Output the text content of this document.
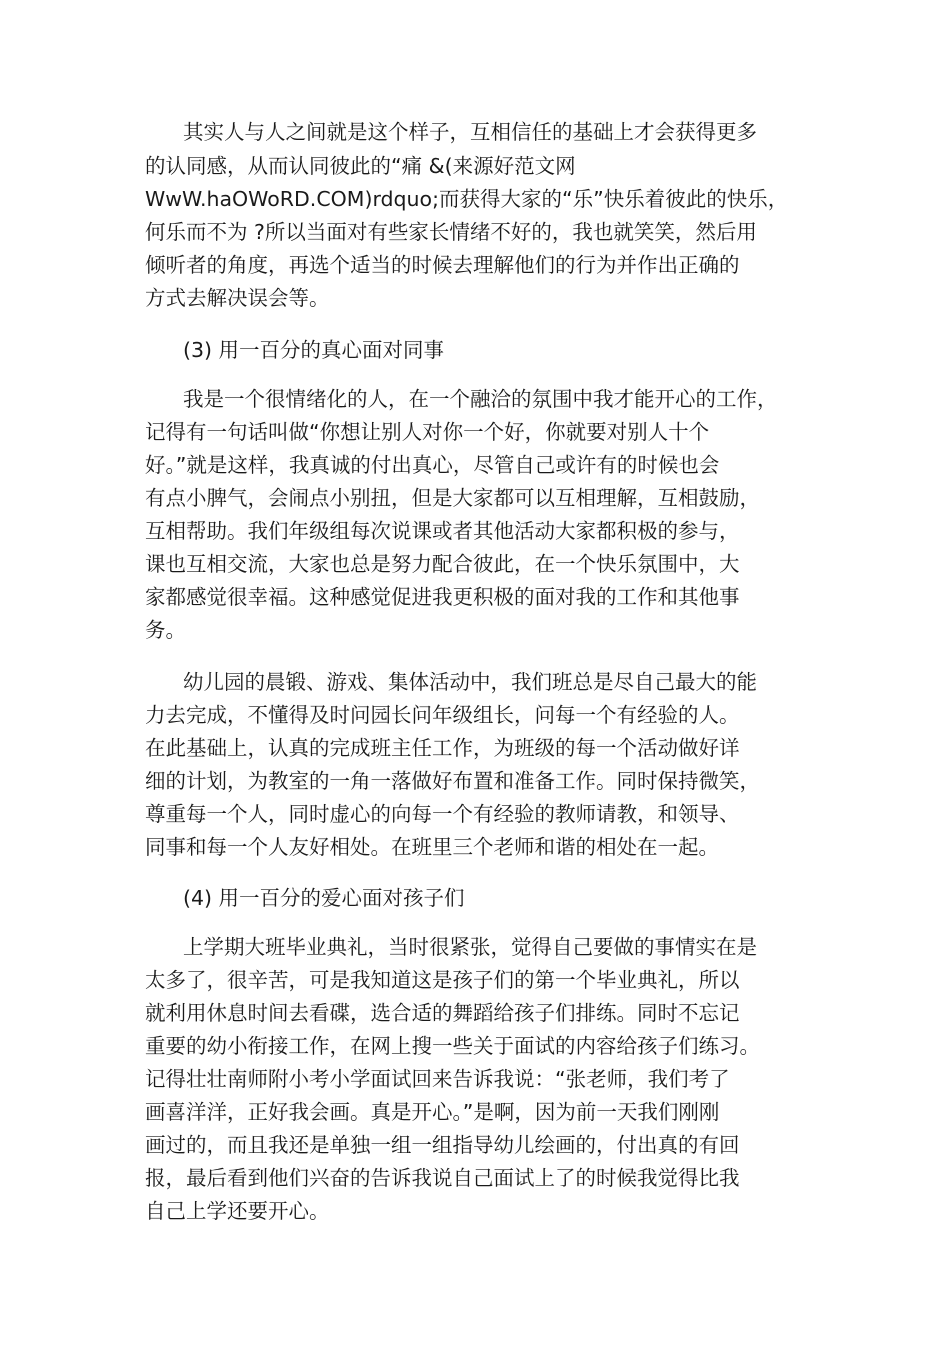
其实人与人之间就是这个样子，互相信任的基础上才会获得更多

的认同感，从而认同彼此的“痛 &(来源好范文网

WwW.haOWoRD.COM)rdquo;而获得大家的“乐”快乐着彼此的快乐，

何乐而不为 ?所以当面对有些家长情绪不好的，我也就笑笑，然后用

倾听者的角度，再选个适当的时候去理解他们的行为并作出正确的

方式去解决误会等。

(3) 用一百分的真心面对同事

我是一个很情绪化的人，在一个融洽的氛围中我才能开心的工作，

记得有一句话叫做“你想让别人对你一个好，你就要对别人十个

好。”就是这样，我真诚的付出真心，尽管自己或许有的时候也会

有点小脾气，会闹点小别扭，但是大家都可以互相理解，互相鼓励，

互相帮助。我们年级组每次说课或者其他活动大家都积极的参与，

课也互相交流，大家也总是努力配合彼此，在一个快乐氛围中，大

家都感觉很幸福。这种感觉促进我更积极的面对我的工作和其他事

务。

幼儿园的晨锻、游戏、集体活动中，我们班总是尽自己最大的能

力去完成，不懂得及时问园长问年级组长，问每一个有经验的人。

在此基础上，认真的完成班主任工作，为班级的每一个活动做好详

细的计划，为教室的一角一落做好布置和准备工作。同时保持微笑，

尊重每一个人，同时虚心的向每一个有经验的教师请教，和领导、

同事和每一个人友好相处。在班里三个老师和谐的相处在一起。

(4) 用一百分的爱心面对孩子们

上学期大班毕业典礼，当时很紧张，觉得自己要做的事情实在是

太多了，很辛苦，可是我知道这是孩子们的第一个毕业典礼，所以

就利用休息时间去看碟，选合适的舞蹈给孩子们排练。同时不忘记

重要的幼小衔接工作，在网上搜一些关于面试的内容给孩子们练习。

记得壮壮南师附小考小学面试回来告诉我说：“张老师，我们考了

画喜洋洋，正好我会画。真是开心。”是啊，因为前一天我们刚刚

画过的，而且我还是单独一组一组指导幼儿绘画的，付出真的有回

报，最后看到他们兴奋的告诉我说自己面试上了的时候我觉得比我

自己上学还要开心。
